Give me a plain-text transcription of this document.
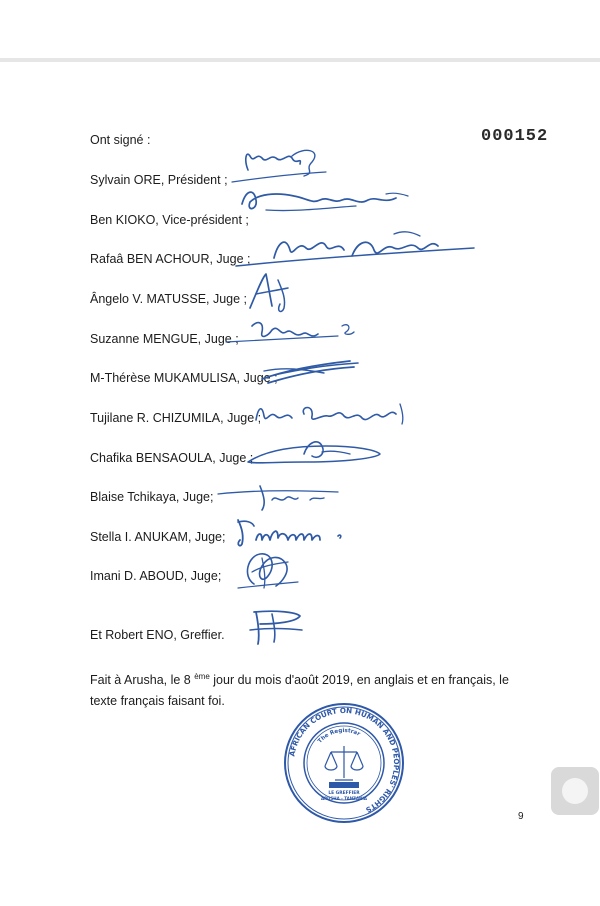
000152
Ont signé :
Sylvain ORE, Président ;
Ben KIOKO, Vice-président ;
Rafaâ BEN ACHOUR, Juge ;
Ângelo V. MATUSSE, Juge ;
Suzanne MENGUE, Juge ;
M-Thérèse MUKAMULISA, Juge ;
Tujilane R. CHIZUMILA, Juge ;
Chafika BENSAOULA, Juge ;
Blaise Tchikaya, Juge;
Stella I. ANUKAM, Juge;
Imani D. ABOUD, Juge;
Et Robert ENO, Greffier.
Fait à Arusha, le 8 $^{ème}$ jour du mois d'août 2019, en anglais et en français, le texte français faisant foi.
AFRICAN COURT ON HUMAN AND PEOPLES' RIGHTS
The Registrar
LE GREFFIER
ARUSHA - TANZANIA
9
